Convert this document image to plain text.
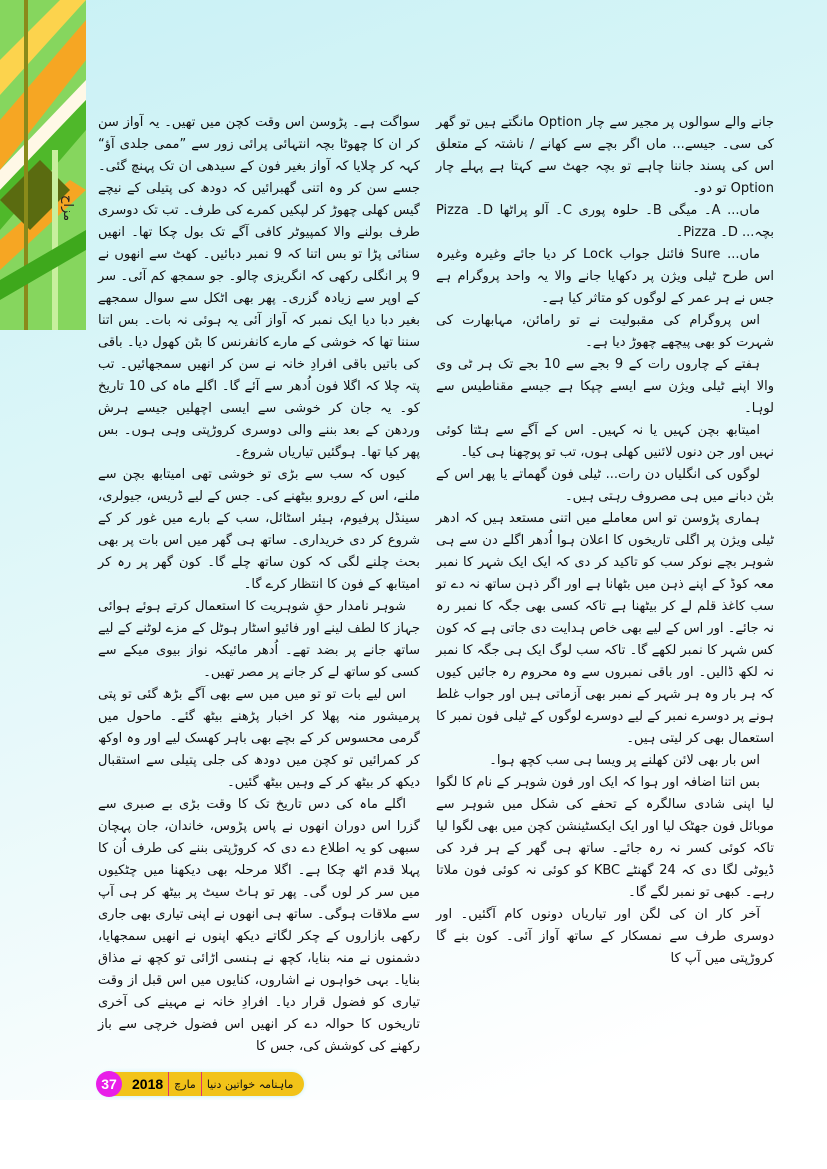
مزاح

جانے والے سوالوں پر مجیر سے چار Option مانگتے ہیں تو گھر کی سی۔ جیسے... ماں اگر بچے سے کھانے / ناشتہ کے متعلق اس کی پسند جاننا چاہے تو بچہ جھٹ سے کہتا ہے پہلے چار Option تو دو۔

ماں... A۔ میگی B۔ حلوہ پوری C۔ آلو پراٹھا D۔ Pizza بچہ... D۔ Pizza۔

ماں... Sure فائنل جواب Lock کر دیا جائے وغیرہ وغیرہ اس طرح ٹیلی ویژن پر دکھایا جانے والا یہ واحد پروگرام ہے جس نے ہر عمر کے لوگوں کو متاثر کیا ہے۔

اس پروگرام کی مقبولیت نے تو رامائن، مہابھارت کی شہرت کو بھی پیچھے چھوڑ دیا ہے۔

ہفتے کے چاروں رات کے 9 بجے سے 10 بجے تک ہر ٹی وی والا اپنے ٹیلی ویژن سے ایسے چپکا ہے جیسے مقناطیس سے لوہا۔

امیتابھ بچن کہیں یا نہ کہیں۔ اس کے آگے سے ہٹتا کوئی نہیں اور جن دنوں لائنیں کھلی ہوں، تب تو پوچھنا ہی کیا۔

لوگوں کی انگلیاں دن رات... ٹیلی فون گھماتے یا پھر اس کے بٹن دبانے میں ہی مصروف رہتی ہیں۔

ہماری پڑوسن تو اس معاملے میں اتنی مستعد ہیں کہ ادھر ٹیلی ویژن پر اگلی تاریخوں کا اعلان ہوا اُدھر اگلے دن سے ہی شوہر بچے نوکر سب کو تاکید کر دی کہ ایک ایک شہر کا نمبر معہ کوڈ کے اپنے ذہن میں بٹھانا ہے اور اگر ذہن ساتھ نہ دے تو سب کاغذ قلم لے کر بیٹھنا ہے تاکہ کسی بھی جگہ کا نمبر رہ نہ جائے۔ اور اس کے لیے بھی خاص ہدایت دی جاتی ہے کہ کون کس شہر کا نمبر لکھے گا۔ تاکہ سب لوگ ایک ہی جگہ کا نمبر نہ لکھ ڈالیں۔ اور باقی نمبروں سے وہ محروم رہ جائیں کیوں کہ ہر بار وہ ہر شہر کے نمبر بھی آزماتی ہیں اور جواب غلط ہونے پر دوسرے نمبر کے لیے دوسرے لوگوں کے ٹیلی فون نمبر کا استعمال بھی کر لیتی ہیں۔

اس بار بھی لائن کھلنے پر ویسا ہی سب کچھ ہوا۔

بس اتنا اضافہ اور ہوا کہ ایک اور فون شوہر کے نام کا لگوا لیا اپنی شادی سالگرہ کے تحفے کی شکل میں شوہر سے موبائل فون جھٹک لیا اور ایک ایکسٹینشن کچن میں بھی لگوا لیا تاکہ کوئی کسر نہ رہ جائے۔ ساتھ ہی گھر کے ہر فرد کی ڈیوٹی لگا دی کہ 24 گھنٹے KBC کو کوئی نہ کوئی فون ملاتا رہے۔ کبھی تو نمبر لگے گا۔

آخر کار ان کی لگن اور تیاریاں دونوں کام آگئیں۔ اور دوسری طرف سے نمسکار کے ساتھ آواز آئی۔ کون بنے گا کروڑپتی میں آپ کا

سواگت ہے۔ پڑوسن اس وقت کچن میں تھیں۔ یہ آواز سن کر ان کا چھوٹا بچہ انتہائی پرائی زور سے ”ممی جلدی آؤ“ کہہ کر چلایا کہ آواز بغیر فون کے سیدھی ان تک پہنچ گئی۔ جسے سن کر وہ اتنی گھبرائیں کہ دودھ کی پتیلی کے نیچے گیس کھلی چھوڑ کر لپکیں کمرے کی طرف۔ تب تک دوسری طرف بولنے والا کمپیوٹر کافی آگے تک بول چکا تھا۔ انھیں سنائی پڑا تو بس اتنا کہ 9 نمبر دبائیں۔ کھٹ سے انھوں نے 9 پر انگلی رکھی کہ انگریزی چالو۔ جو سمجھ کم آئی۔ سر کے اوپر سے زیادہ گزری۔ پھر بھی اٹکل سے سوال سمجھے بغیر دبا دیا ایک نمبر کہ آواز آئی یہ ہوئی نہ بات۔ بس اتنا سننا تھا کہ خوشی کے مارے کانفرنس کا بٹن کھول دیا۔ باقی کی باتیں باقی افرادِ خانہ نے سن کر انھیں سمجھائیں۔ تب پتہ چلا کہ اگلا فون اُدھر سے آئے گا۔ اگلے ماہ کی 10 تاریخ کو۔ یہ جان کر خوشی سے ایسی اچھلیں جیسے ہرش وردھن کے بعد بننے والی دوسری کروڑپتی وہی ہوں۔ بس پھر کیا تھا۔ ہوگئیں تیاریاں شروع۔

کیوں کہ سب سے بڑی تو خوشی تھی امیتابھ بچن سے ملنے، اس کے روبرو بیٹھنے کی۔ جس کے لیے ڈریس، جیولری، سینڈل پرفیوم، ہیئر اسٹائل، سب کے بارے میں غور کر کے شروع کر دی خریداری۔ ساتھ ہی گھر میں اس بات پر بھی بحث چلنے لگی کہ کون ساتھ چلے گا۔ کون گھر پر رہ کر امیتابھ کے فون کا انتظار کرے گا۔

شوہر نامدار حقِ شوہریت کا استعمال کرتے ہوئے ہوائی جہاز کا لطف لینے اور فائیو اسٹار ہوٹل کے مزے لوٹنے کے لیے ساتھ جانے پر بضد تھے۔ اُدھر مائیکہ نواز بیوی میکے سے کسی کو ساتھ لے کر جانے پر مصر تھیں۔

اس لیے بات تو تو میں میں سے بھی آگے بڑھ گئی تو پتی پرمیشور منہ پھلا کر اخبار پڑھنے بیٹھ گئے۔ ماحول میں گرمی محسوس کر کے بچے بھی باہر کھسک لیے اور وہ اوکھ کر کمرائیں تو کچن میں دودھ کی جلی پتیلی سے استقبال دیکھ کر بیٹھ کر کے وہیں بیٹھ گئیں۔

اگلے ماہ کی دس تاریخ تک کا وقت بڑی بے صبری سے گزرا اس دوران انھوں نے پاس پڑوس، خاندان، جان پہچان سبھی کو یہ اطلاع دے دی کہ کروڑپتی بننے کی طرف اُن کا پہلا قدم اٹھ چکا ہے۔ اگلا مرحلہ بھی دیکھنا میں چٹکیوں میں سر کر لوں گی۔ پھر تو ہاٹ سیٹ پر بیٹھ کر ہی آپ سے ملاقات ہوگی۔ ساتھ ہی انھوں نے اپنی تیاری بھی جاری رکھی بازاروں کے چکر لگاتے دیکھ اپنوں نے انھیں سمجھایا، دشمنوں نے منہ بنایا، کچھ نے ہنسی اڑائی تو کچھ نے مذاق بنایا۔ بہی خواہوں نے اشاروں، کنایوں میں اس قبل از وقت تیاری کو فضول قرار دیا۔ افرادِ خانہ نے مہینے کی آخری تاریخوں کا حوالہ دے کر انھیں اس فضول خرچی سے باز رکھنے کی کوشش کی، جس کا

37	2018 مارچ ماہنامہ خواتین دنیا
